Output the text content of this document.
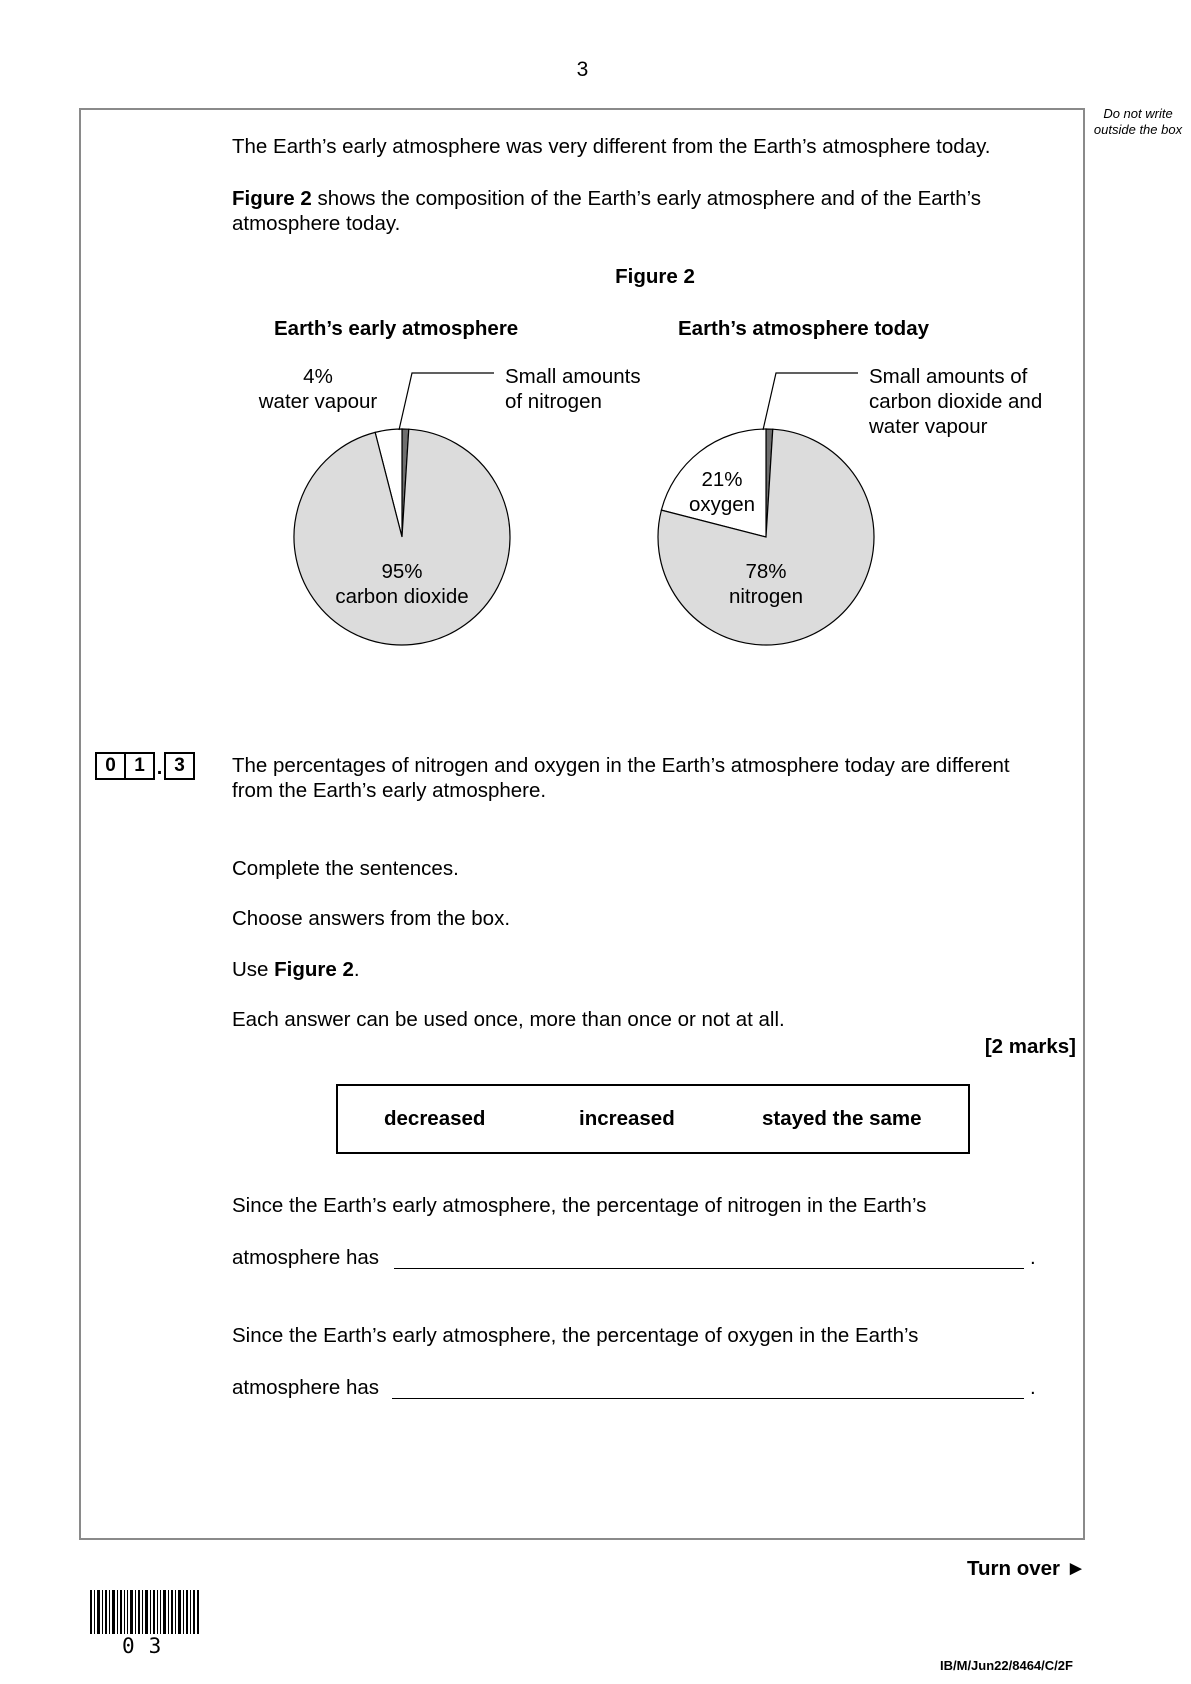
3
Do not write outside the box
The Earth’s early atmosphere was very different from the Earth’s atmosphere today.
Figure 2 shows the composition of the Earth’s early atmosphere and of the Earth’s
atmosphere today.
Figure 2
Earth’s early atmosphere	Earth’s atmosphere today
4%
water vapour
Small amounts
of nitrogen
95%
carbon dioxide
Small amounts of
carbon dioxide and
water vapour
21%
oxygen
78%
nitrogen
0 1 . 3	The percentages of nitrogen and oxygen in the Earth’s atmosphere today are different
from the Earth’s early atmosphere.
Complete the sentences.
Choose answers from the box.
Use Figure 2.
Each answer can be used once, more than once or not at all.
[2 marks]
decreased	increased	stayed the same
Since the Earth’s early atmosphere, the percentage of nitrogen in the Earth’s
atmosphere has	.
Since the Earth’s early atmosphere, the percentage of oxygen in the Earth’s
atmosphere has	.
Turn over ►
03
IB/M/Jun22/8464/C/2F
